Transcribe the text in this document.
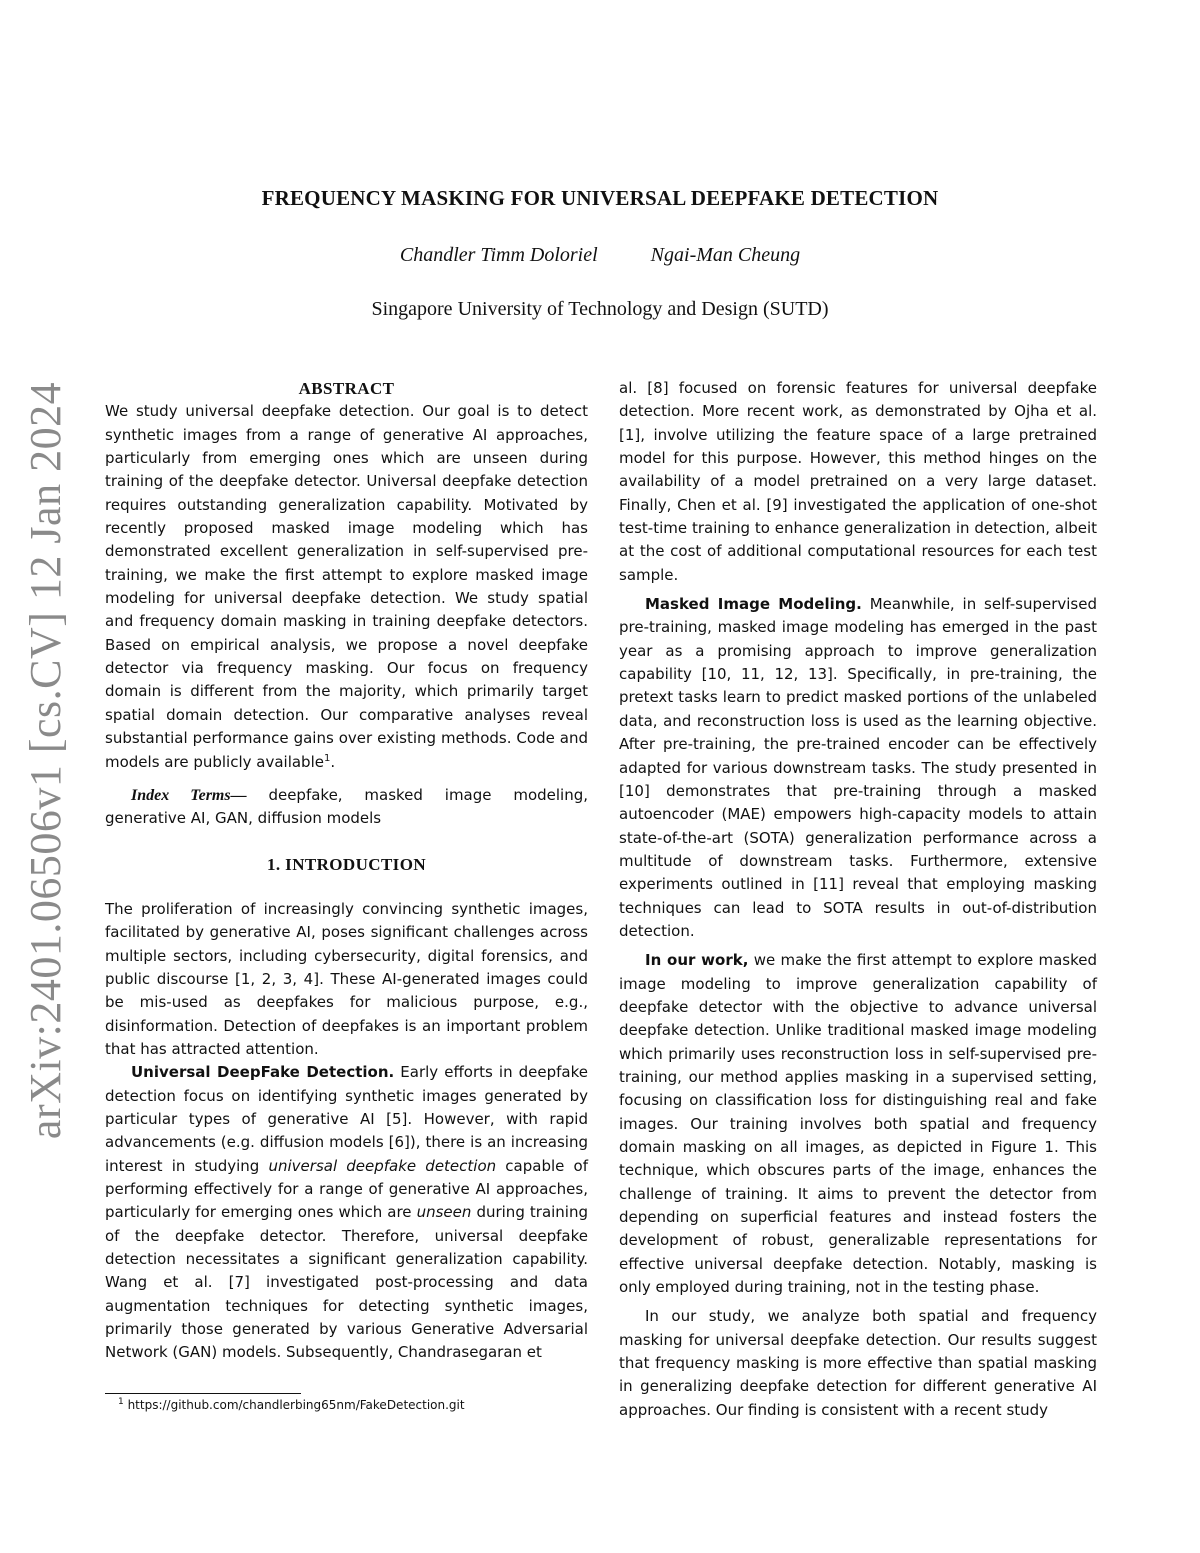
arXiv:2401.06506v1 [cs.CV] 12 Jan 2024
FREQUENCY MASKING FOR UNIVERSAL DEEPFAKE DETECTION
Chandler Timm Doloriel	Ngai-Man Cheung
Singapore University of Technology and Design (SUTD)

ABSTRACT

We study universal deepfake detection. Our goal is to detect synthetic images from a range of generative AI approaches, particularly from emerging ones which are unseen during training of the deepfake detector. Universal deepfake detection requires outstanding generalization capability. Motivated by recently proposed masked image modeling which has demonstrated excellent generalization in self-supervised pre-training, we make the first attempt to explore masked image modeling for universal deepfake detection. We study spatial and frequency domain masking in training deepfake detectors. Based on empirical analysis, we propose a novel deepfake detector via frequency masking. Our focus on frequency domain is different from the majority, which primarily target spatial domain detection. Our comparative analyses reveal substantial performance gains over existing methods. Code and models are publicly available$^1$.

Index Terms— deepfake, masked image modeling, generative AI, GAN, diffusion models

1. INTRODUCTION

The proliferation of increasingly convincing synthetic images, facilitated by generative AI, poses significant challenges across multiple sectors, including cybersecurity, digital forensics, and public discourse [1, 2, 3, 4]. These AI-generated images could be mis-used as deepfakes for malicious purpose, e.g., disinformation. Detection of deepfakes is an important problem that has attracted attention.

Universal DeepFake Detection. Early efforts in deepfake detection focus on identifying synthetic images generated by particular types of generative AI [5]. However, with rapid advancements (e.g. diffusion models [6]), there is an increasing interest in studying universal deepfake detection capable of performing effectively for a range of generative AI approaches, particularly for emerging ones which are unseen during training of the deepfake detector. Therefore, universal deepfake detection necessitates a significant generalization capability. Wang et al. [7] investigated post-processing and data augmentation techniques for detecting synthetic images, primarily those generated by various Generative Adversarial Network (GAN) models. Subsequently, Chandrasegaran et

$^1$ https://github.com/chandlerbing65nm/FakeDetection.git

al. [8] focused on forensic features for universal deepfake detection. More recent work, as demonstrated by Ojha et al. [1], involve utilizing the feature space of a large pretrained model for this purpose. However, this method hinges on the availability of a model pretrained on a very large dataset. Finally, Chen et al. [9] investigated the application of one-shot test-time training to enhance generalization in detection, albeit at the cost of additional computational resources for each test sample.

Masked Image Modeling. Meanwhile, in self-supervised pre-training, masked image modeling has emerged in the past year as a promising approach to improve generalization capability [10, 11, 12, 13]. Specifically, in pre-training, the pretext tasks learn to predict masked portions of the unlabeled data, and reconstruction loss is used as the learning objective. After pre-training, the pre-trained encoder can be effectively adapted for various downstream tasks. The study presented in [10] demonstrates that pre-training through a masked autoencoder (MAE) empowers high-capacity models to attain state-of-the-art (SOTA) generalization performance across a multitude of downstream tasks. Furthermore, extensive experiments outlined in [11] reveal that employing masking techniques can lead to SOTA results in out-of-distribution detection.

In our work, we make the first attempt to explore masked image modeling to improve generalization capability of deepfake detector with the objective to advance universal deepfake detection. Unlike traditional masked image modeling which primarily uses reconstruction loss in self-supervised pre-training, our method applies masking in a supervised setting, focusing on classification loss for distinguishing real and fake images. Our training involves both spatial and frequency domain masking on all images, as depicted in Figure 1. This technique, which obscures parts of the image, enhances the challenge of training. It aims to prevent the detector from depending on superficial features and instead fosters the development of robust, generalizable representations for effective universal deepfake detection. Notably, masking is only employed during training, not in the testing phase.

In our study, we analyze both spatial and frequency masking for universal deepfake detection. Our results suggest that frequency masking is more effective than spatial masking in generalizing deepfake detection for different generative AI approaches. Our finding is consistent with a recent study
